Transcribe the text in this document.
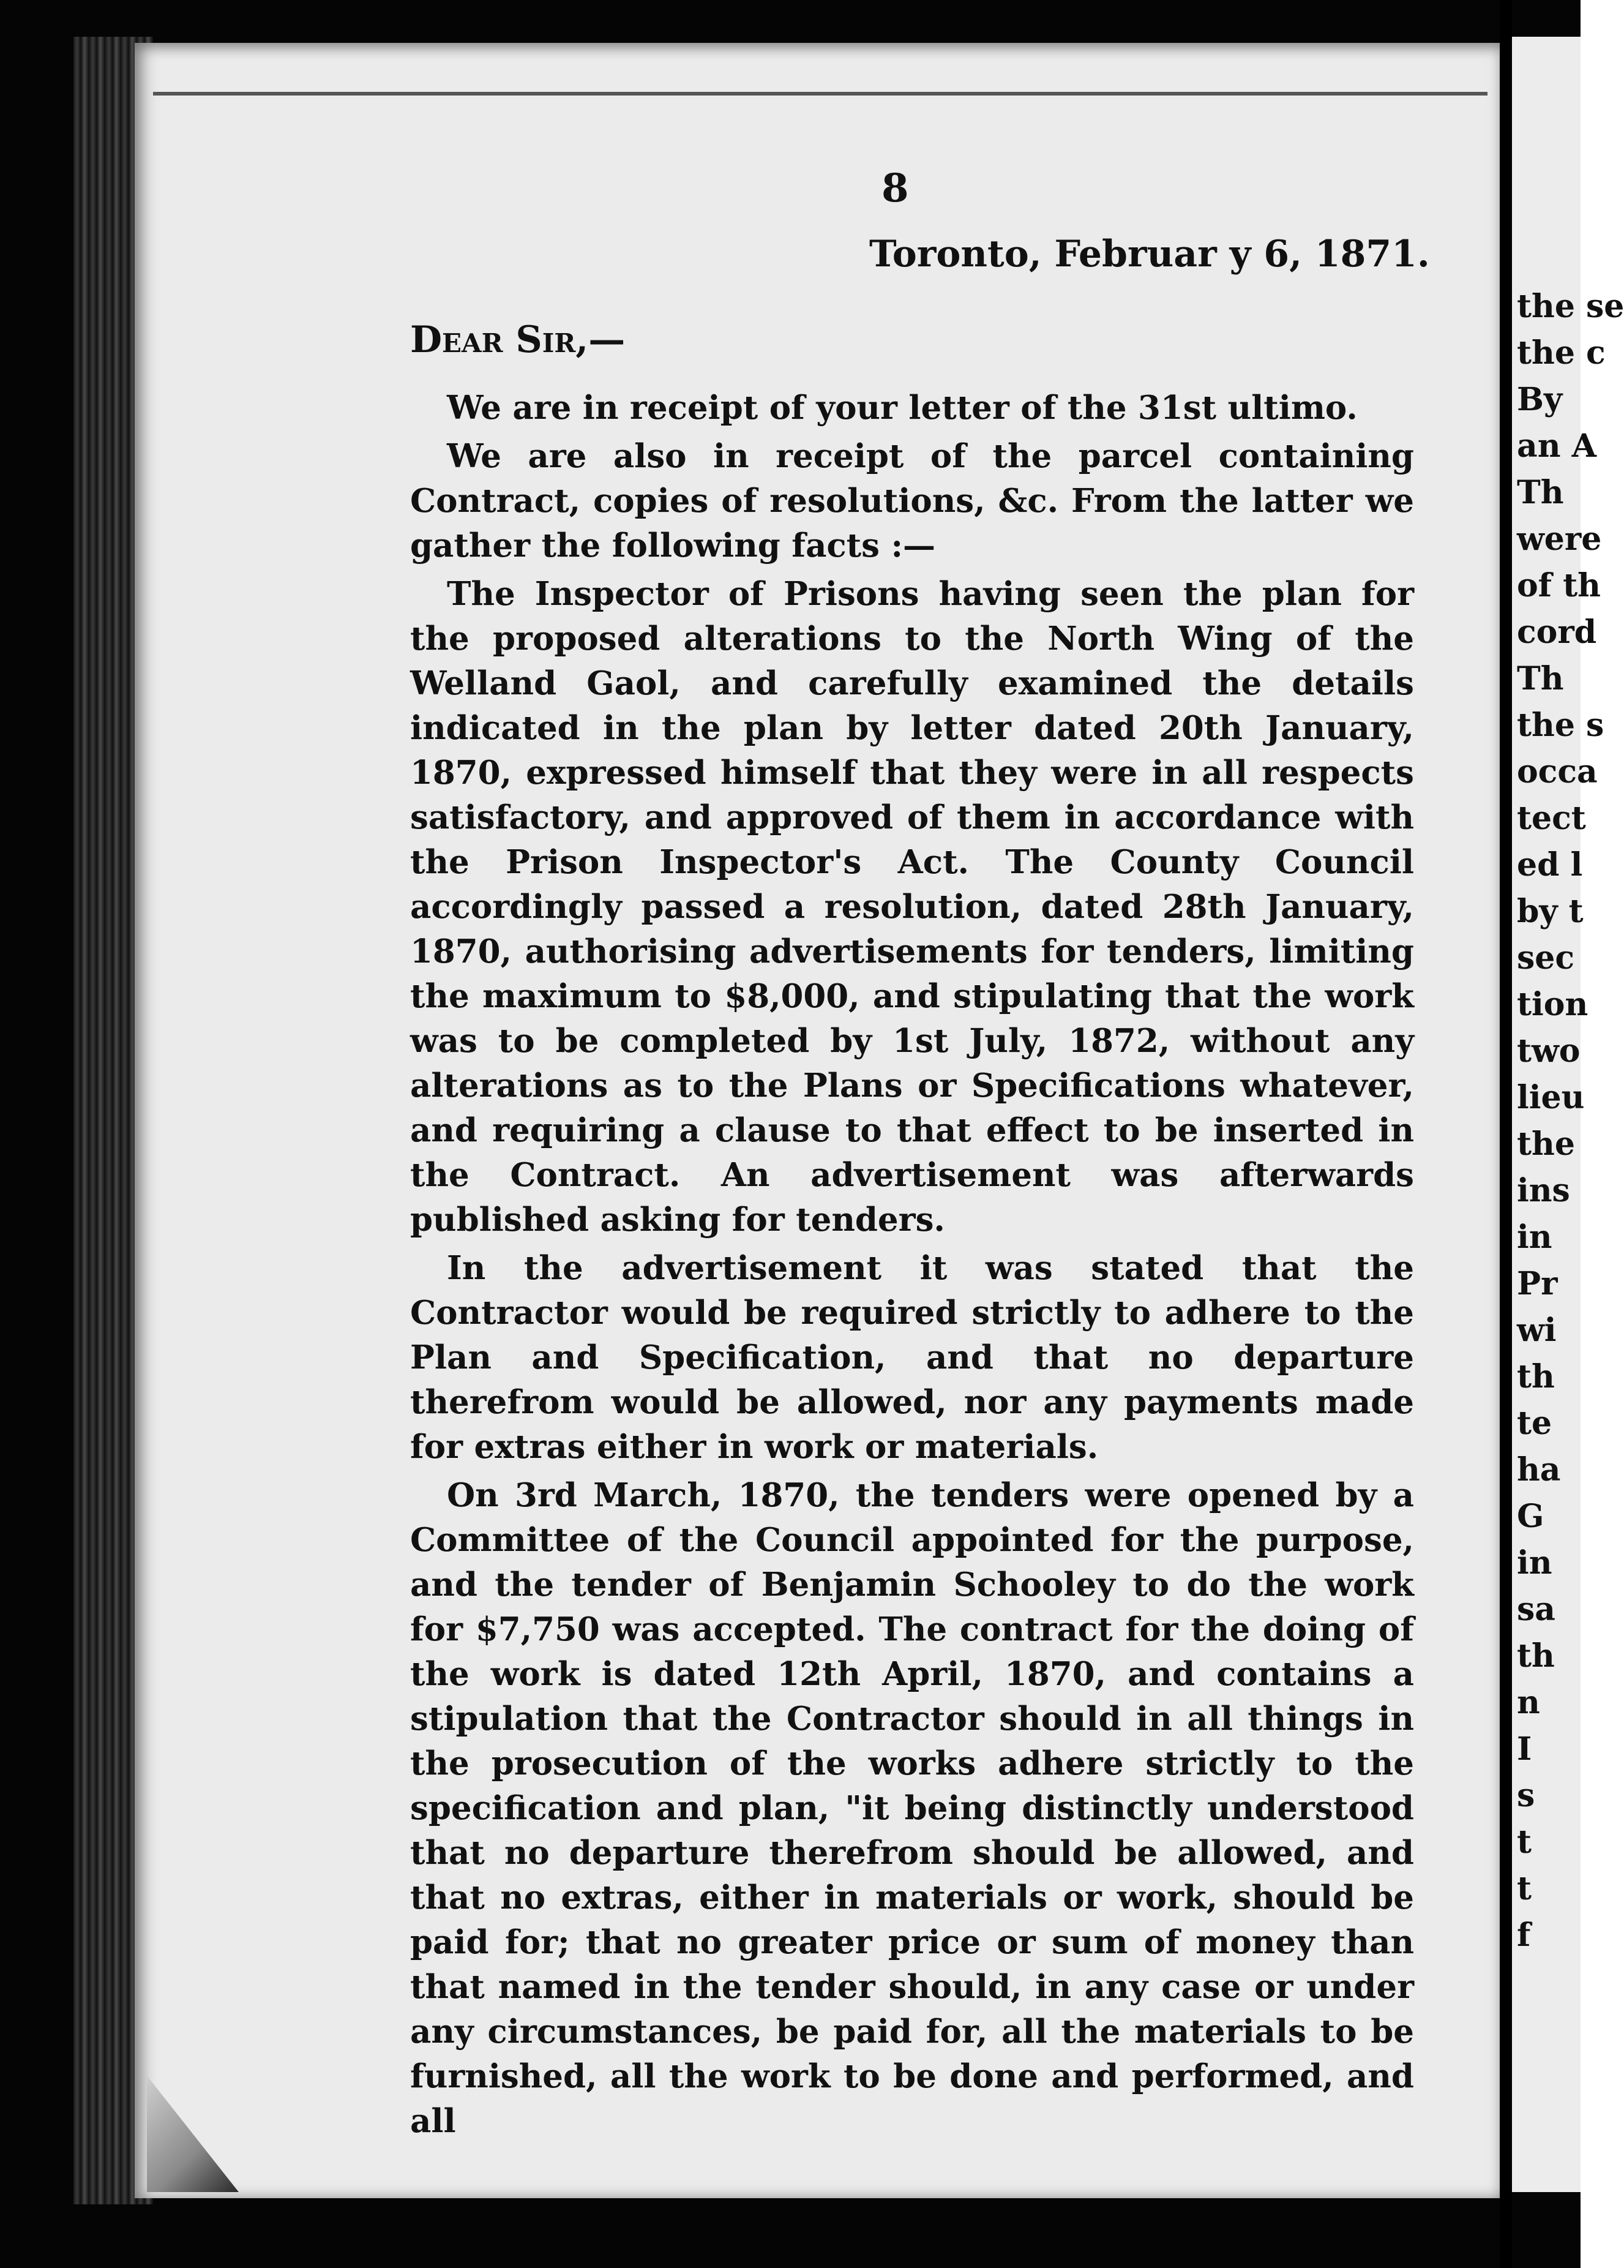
the se
the c
By
an A
Th
were
of th
cord
Th
the s
occa
tect
ed l
by t
sec
tion
two
lieu
the
ins
in
Pr
wi
th
te
ha
G
in
sa
th
n
I
s
t
t
f
8
Toronto, Februar y 6, 1871.
Dear Sir,—

We are in receipt of your letter of the 31st ultimo.

We are also in receipt of the parcel containing Contract, copies of resolutions, &c. From the latter we gather the following facts :—

The Inspector of Prisons having seen the plan for the proposed alterations to the North Wing of the Welland Gaol, and carefully examined the details indicated in the plan by letter dated 20th January, 1870, expressed himself that they were in all respects satisfactory, and approved of them in accordance with the Prison Inspector's Act. The County Council accordingly passed a resolution, dated 28th January, 1870, authorising advertisements for tenders, limiting the maximum to $8,000, and stipulating that the work was to be completed by 1st July, 1872, without any alterations as to the Plans or Specifications whatever, and requiring a clause to that effect to be inserted in the Contract. An advertisement was afterwards published asking for tenders.

In the advertisement it was stated that the Contractor would be required strictly to adhere to the Plan and Specification, and that no departure therefrom would be allowed, nor any payments made for extras either in work or materials.

On 3rd March, 1870, the tenders were opened by a Committee of the Council appointed for the purpose, and the tender of Benjamin Schooley to do the work for $7,750 was accepted. The contract for the doing of the work is dated 12th April, 1870, and contains a stipulation that the Contractor should in all things in the prosecution of the works adhere strictly to the specification and plan, "it being distinctly understood that no departure therefrom should be allowed, and that no extras, either in materials or work, should be paid for; that no greater price or sum of money than that named in the tender should, in any case or under any circumstances, be paid for, all the materials to be furnished, all the work to be done and performed, and all
